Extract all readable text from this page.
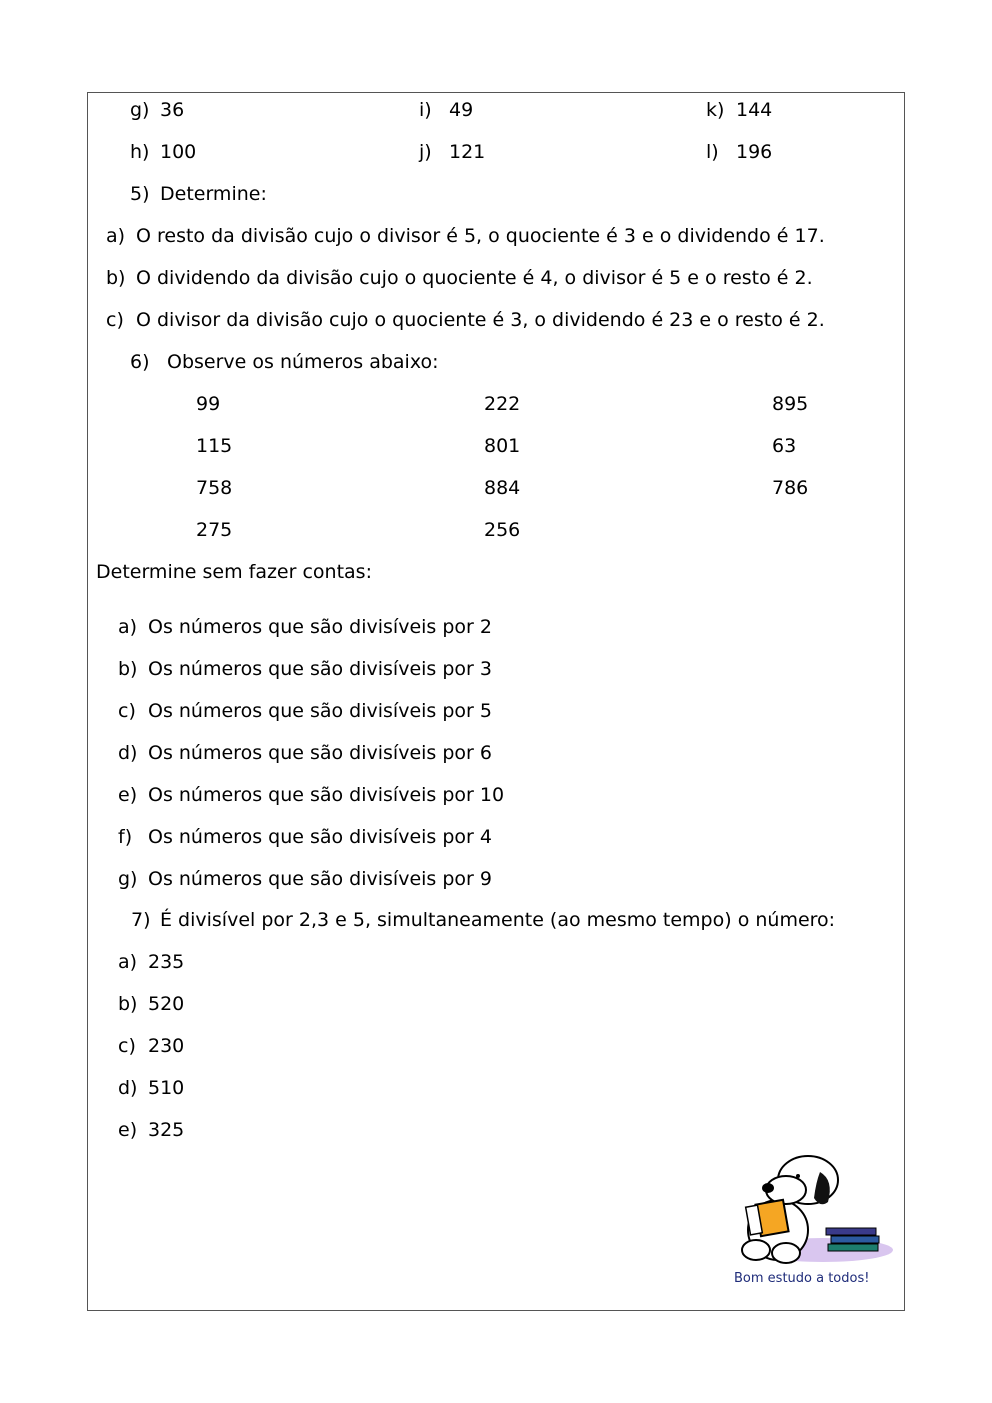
g) 36	i) 49	k) 144
h) 100	j) 121	l) 196
5) Determine:
a) O resto da divisão cujo o divisor é 5, o quociente é 3 e o dividendo é 17.
b) O dividendo da divisão cujo o quociente é 4, o divisor é 5 e o resto é 2.
c) O divisor da divisão cujo o quociente é 3, o dividendo é 23 e o resto é 2.
6) Observe os números abaixo:
99	222	895
115	801	63
758	884	786
275	256
Determine sem fazer contas:
a) Os números que são divisíveis por 2
b) Os números que são divisíveis por 3
c) Os números que são divisíveis por 5
d) Os números que são divisíveis por 6
e) Os números que são divisíveis por 10
f) Os números que são divisíveis por 4
g) Os números que são divisíveis por 9
7) É divisível por 2,3 e 5, simultaneamente (ao mesmo tempo) o número:
a) 235
b) 520
c) 230
d) 510
e) 325
Bom estudo a todos!
